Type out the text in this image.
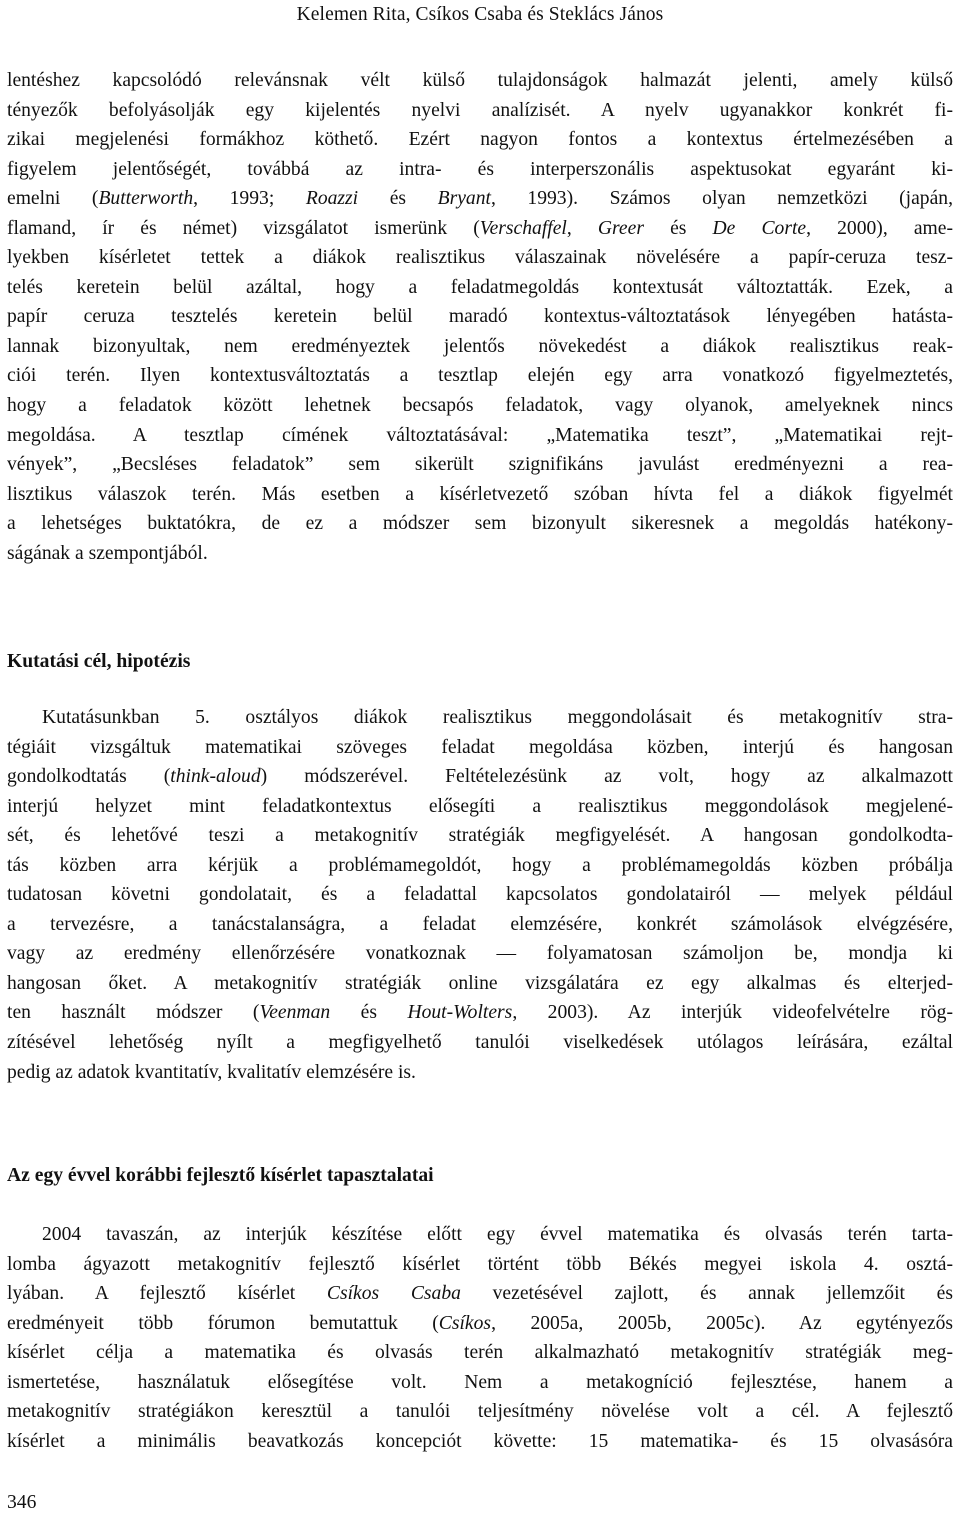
Kelemen Rita, Csíkos Csaba és Steklács János

lentéshez kapcsolódó relevánsnak vélt külső tulajdonságok halmazát jelenti, amely külső

tényezők befolyásolják egy kijelentés nyelvi analízisét. A nyelv ugyanakkor konkrét fi-

zikai megjelenési formákhoz köthető. Ezért nagyon fontos a kontextus értelmezésében a

figyelem jelentőségét, továbbá az intra- és interperszonális aspektusokat egyaránt ki-

emelni (Butterworth, 1993; Roazzi és Bryant, 1993). Számos olyan nemzetközi (japán,

flamand, ír és német) vizsgálatot ismerünk (Verschaffel, Greer és De Corte, 2000), ame-

lyekben kísérletet tettek a diákok realisztikus válaszainak növelésére a papír-ceruza tesz-

telés keretein belül azáltal, hogy a feladatmegoldás kontextusát változtatták. Ezek, a

papír ceruza tesztelés keretein belül maradó kontextus-változtatások lényegében hatásta-

lannak bizonyultak, nem eredményeztek jelentős növekedést a diákok realisztikus reak-

ciói terén. Ilyen kontextusváltoztatás a tesztlap elején egy arra vonatkozó figyelmeztetés,

hogy a feladatok között lehetnek becsapós feladatok, vagy olyanok, amelyeknek nincs

megoldása. A tesztlap címének változtatásával: „Matematika teszt”, „Matematikai rejt-

vények”, „Becsléses feladatok” sem sikerült szignifikáns javulást eredményezni a rea-

lisztikus válaszok terén. Más esetben a kísérletvezető szóban hívta fel a diákok figyelmét

a lehetséges buktatókra, de ez a módszer sem bizonyult sikeresnek a megoldás hatékony-

ságának a szempontjából.

Kutatási cél, hipotézis

Kutatásunkban 5. osztályos diákok realisztikus meggondolásait és metakognitív stra-

tégiáit vizsgáltuk matematikai szöveges feladat megoldása közben, interjú és hangosan

gondolkodtatás (think-aloud) módszerével. Feltételezésünk az volt, hogy az alkalmazott

interjú helyzet mint feladatkontextus elősegíti a realisztikus meggondolások megjelené-

sét, és lehetővé teszi a metakognitív stratégiák megfigyelését. A hangosan gondolkodta-

tás közben arra kérjük a problémamegoldót, hogy a problémamegoldás közben próbálja

tudatosan követni gondolatait, és a feladattal kapcsolatos gondolatairól — melyek például

a tervezésre, a tanácstalanságra, a feladat elemzésére, konkrét számolások elvégzésére,

vagy az eredmény ellenőrzésére vonatkoznak — folyamatosan számoljon be, mondja ki

hangosan őket. A metakognitív stratégiák online vizsgálatára ez egy alkalmas és elterjed-

ten használt módszer (Veenman és Hout-Wolters, 2003). Az interjúk videofelvételre rög-

zítésével lehetőség nyílt a megfigyelhető tanulói viselkedések utólagos leírására, ezáltal

pedig az adatok kvantitatív, kvalitatív elemzésére is.

Az egy évvel korábbi fejlesztő kísérlet tapasztalatai

2004 tavaszán, az interjúk készítése előtt egy évvel matematika és olvasás terén tarta-

lomba ágyazott metakognitív fejlesztő kísérlet történt több Békés megyei iskola 4. osztá-

lyában. A fejlesztő kísérlet Csíkos Csaba vezetésével zajlott, és annak jellemzőit és

eredményeit több fórumon bemutattuk (Csíkos, 2005a, 2005b, 2005c). Az egytényezős

kísérlet célja a matematika és olvasás terén alkalmazható metakognitív stratégiák meg-

ismertetése, használatuk elősegítése volt. Nem a metakogníció fejlesztése, hanem a

metakognitív stratégiákon keresztül a tanulói teljesítmény növelése volt a cél. A fejlesztő

kísérlet a minimális beavatkozás koncepciót követte: 15 matematika- és 15 olvasásóra

346
